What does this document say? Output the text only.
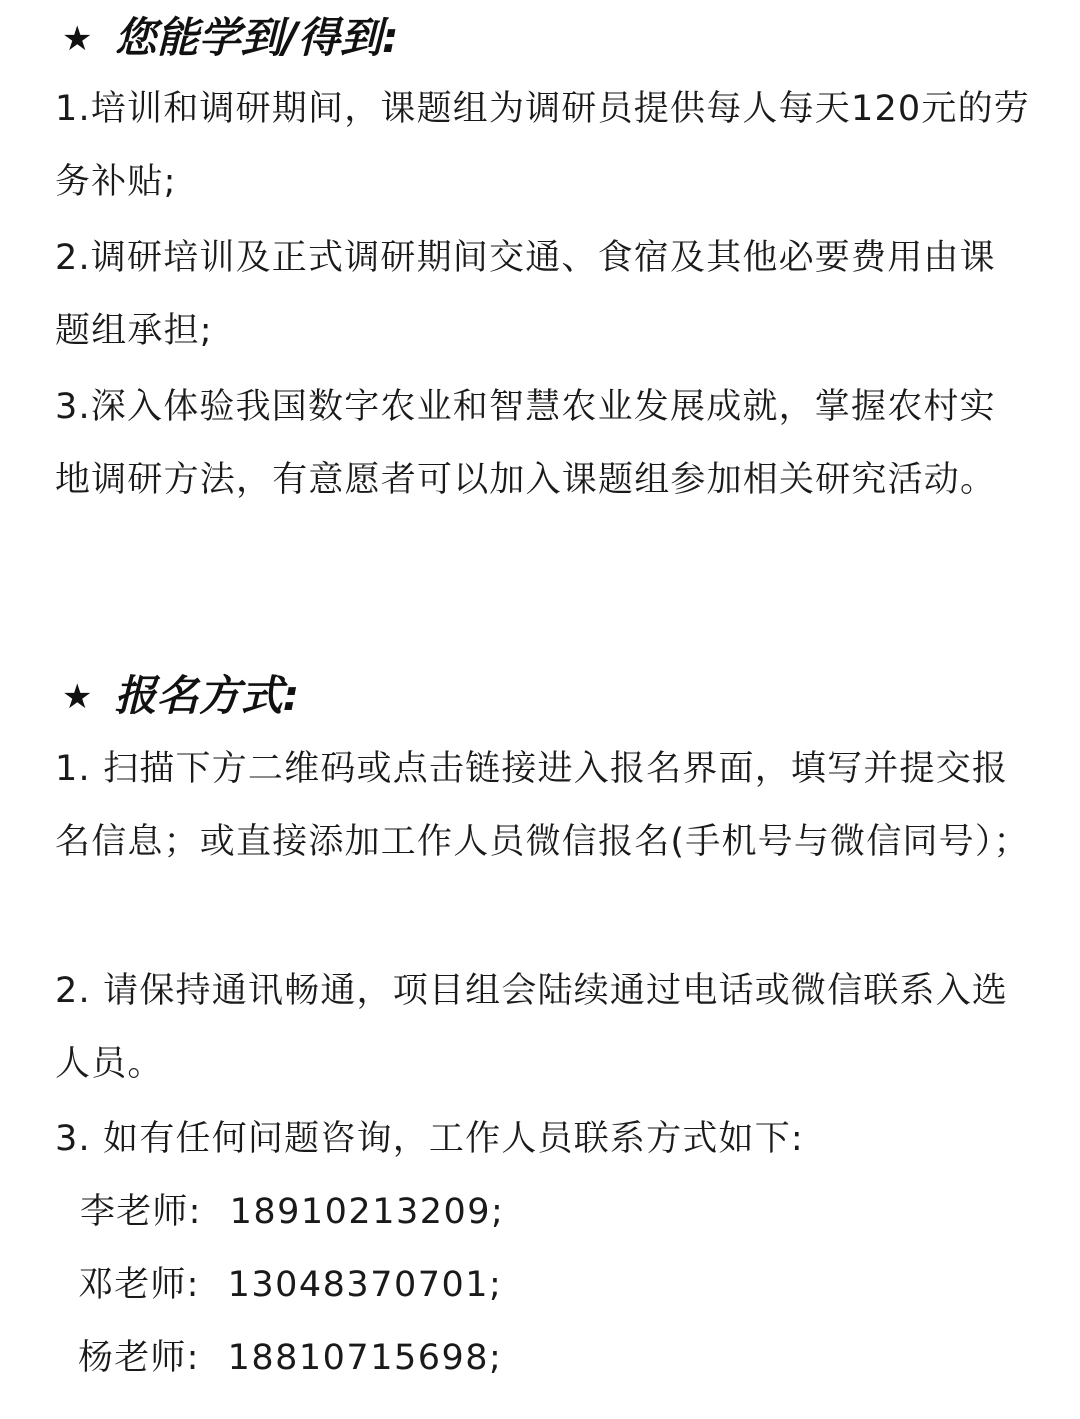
★ 您能学到/得到:

1.培训和调研期间，课题组为调研员提供每人每天120元的劳务补贴;

2.调研培训及正式调研期间交通、食宿及其他必要费用由课题组承担;

3.深入体验我国数字农业和智慧农业发展成就，掌握农村实地调研方法，有意愿者可以加入课题组参加相关研究活动。

★ 报名方式:

1. 扫描下方二维码或点击链接进入报名界面，填写并提交报名信息；或直接添加工作人员微信报名(手机号与微信同号）；

2. 请保持通讯畅通，项目组会陆续通过电话或微信联系入选人员。

3. 如有任何问题咨询，工作人员联系方式如下:

李老师: 18910213209;

邓老师: 13048370701;

杨老师: 18810715698;
